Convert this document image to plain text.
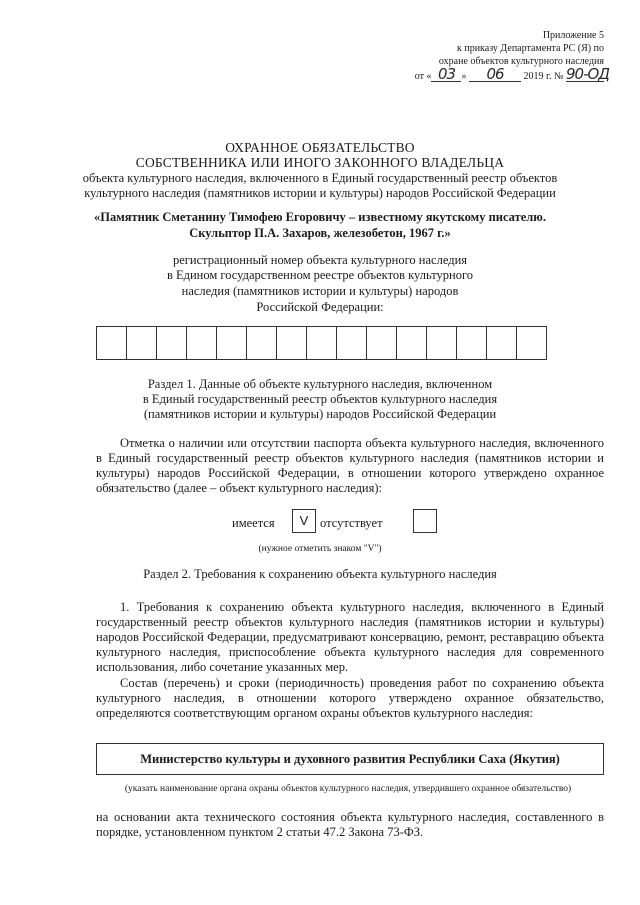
Приложение 5
к приказу Департамента РС (Я) по
охране объектов культурного наследия
от « 03 » 06 2019 г. № 90-ОД
ОХРАННОЕ ОБЯЗАТЕЛЬСТВО
СОБСТВЕННИКА ИЛИ ИНОГО ЗАКОННОГО ВЛАДЕЛЬЦА
объекта культурного наследия, включенного в Единый государственный реестр объектов
культурного наследия (памятников истории и культуры) народов Российской Федерации
«Памятник Сметанину Тимофею Егоровичу – известному якутскому писателю.
Скульптор П.А. Захаров, железобетон, 1967 г.»
регистрационный номер объекта культурного наследия
в Едином государственном реестре объектов культурного
наследия (памятников истории и культуры) народов
Российской Федерации:
Раздел 1. Данные об объекте культурного наследия, включенном
в Единый государственный реестр объектов культурного наследия
(памятников истории и культуры) народов Российской Федерации
Отметка о наличии или отсутствии паспорта объекта культурного наследия, включенного в Единый государственный реестр объектов культурного наследия (памятников истории и культуры) народов Российской Федерации, в отношении которого утверждено охранное обязательство (далее – объект культурного наследия):
имеется	V отсутствует
(нужное отметить знаком "V")
Раздел 2. Требования к сохранению объекта культурного наследия
1. Требования к сохранению объекта культурного наследия, включенного в Единый государственный реестр объектов культурного наследия (памятников истории и культуры) народов Российской Федерации, предусматривают консервацию, ремонт, реставрацию объекта культурного наследия, приспособление объекта культурного наследия для современного использования, либо сочетание указанных мер.
Состав (перечень) и сроки (периодичность) проведения работ по сохранению объекта культурного наследия, в отношении которого утверждено охранное обязательство, определяются соответствующим органом охраны объектов культурного наследия:
Министерство культуры и духовного развития Республики Саха (Якутия)
(указать наименование органа охраны объектов культурного наследия, утвердившего охранное обязательство)
на основании акта технического состояния объекта культурного наследия, составленного в порядке, установленном пунктом 2 статьи 47.2 Закона 73-ФЗ.
